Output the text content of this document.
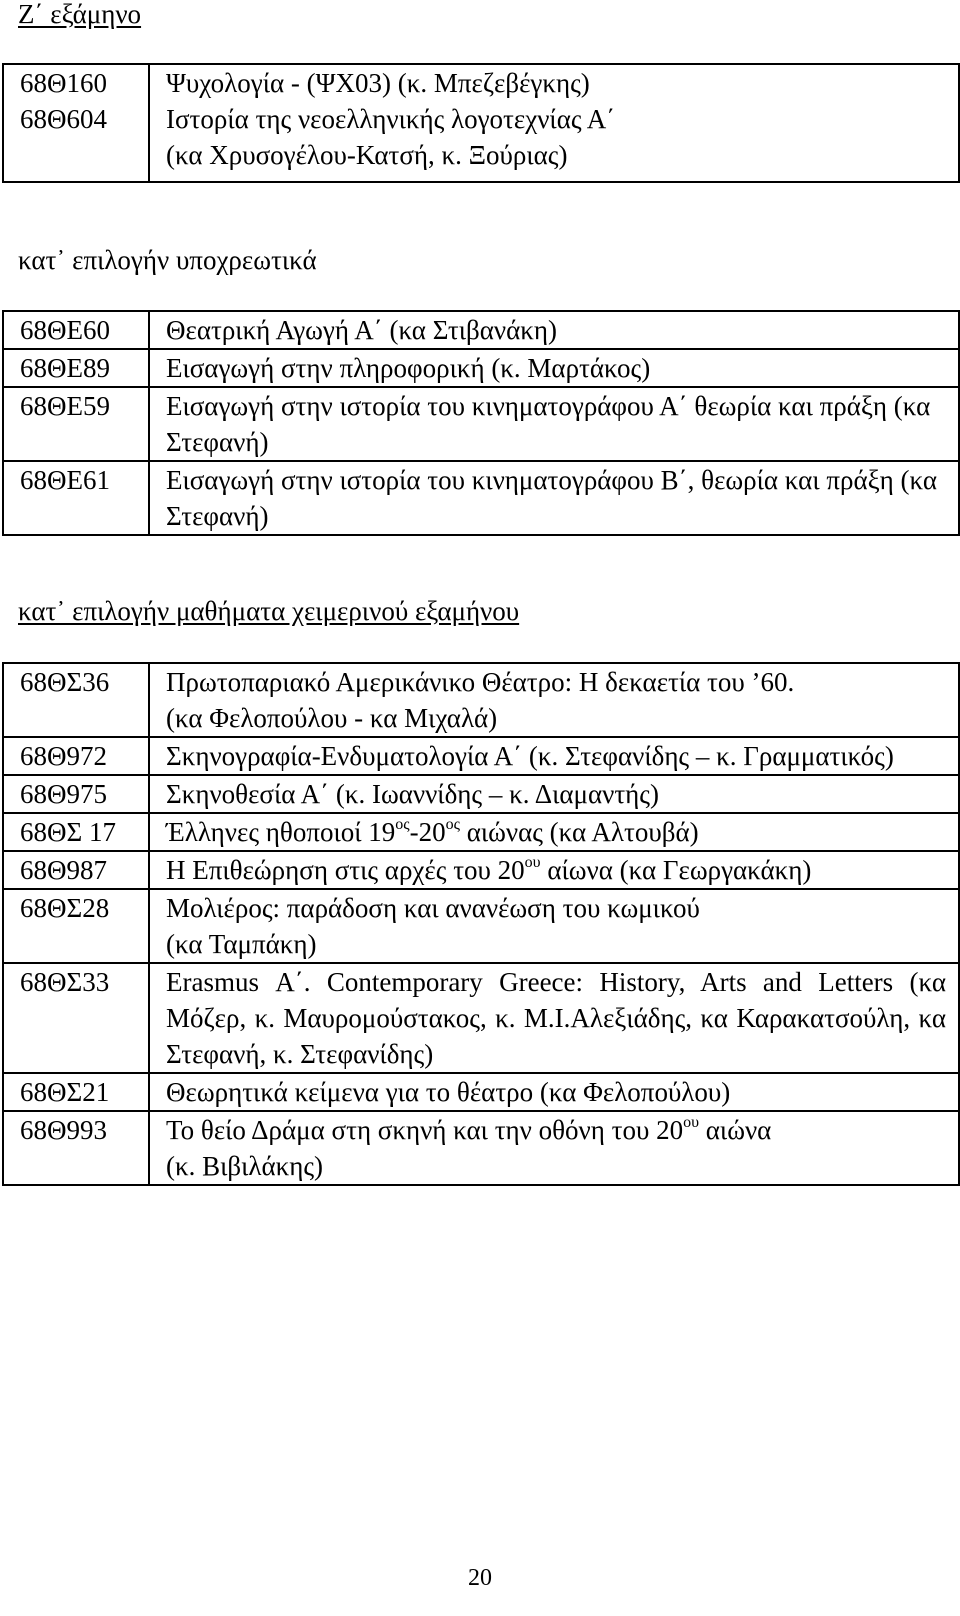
Ζ΄ εξάμηνο
68Θ160	Ψυχολογία - (ΨΧ03) (κ. Μπεζεβέγκης)
68Θ604	Ιστορία της νεοελληνικής λογοτεχνίας Α΄
(κα Χρυσογέλου-Κατσή, κ. Ξούριας)
κατ᾽ επιλογήν υποχρεωτικά
68ΘΕ60	Θεατρική Αγωγή Α΄ (κα Στιβανάκη)
68ΘΕ89	Εισαγωγή στην πληροφορική (κ. Μαρτάκος)
68ΘΕ59	Εισαγωγή στην ιστορία του κινηματογράφου Α΄ θεωρία και πράξη (κα Στεφανή)
68ΘΕ61	Εισαγωγή στην ιστορία του κινηματογράφου Β΄, θεωρία και πράξη (κα Στεφανή)
κατ᾽ επιλογήν μαθήματα χειμερινού εξαμήνου
68ΘΣ36	Πρωτοπαριακό Αμερικάνικο Θέατρο: Η δεκαετία του ’60.
(κα Φελοπούλου - κα Μιχαλά)
68Θ972	Σκηνογραφία-Ενδυματολογία Α΄ (κ. Στεφανίδης – κ. Γραμματικός)
68Θ975	Σκηνοθεσία Α΄ (κ. Ιωαννίδης – κ. Διαμαντής)
68ΘΣ 17	Έλληνες ηθοποιοί $19^{o\varsigma}-20^{o\varsigma}$ αιώνας (κα Αλτουβά)
68Θ987	Η Επιθεώρηση στις αρχές του $20^{o\upsilon}$ αίωνα (κα Γεωργακάκη)
68ΘΣ28	Μολιέρος: παράδοση και ανανέωση του κωμικού
(κα Ταμπάκη)
68ΘΣ33	Erasmus Α΄. Contemporary Greece: History, Arts and Letters (κα Μόζερ, κ. Μαυρομούστακος, κ. Μ.Ι.Αλεξιάδης, κα Καρακατσούλη, κα Στεφανή, κ. Στεφανίδης)
68ΘΣ21	Θεωρητικά κείμενα για το θέατρο (κα Φελοπούλου)
68Θ993	Το θείο Δράμα στη σκηνή και την οθόνη του $20^{o\upsilon}$ αιώνα
(κ. Βιβιλάκης)
20
